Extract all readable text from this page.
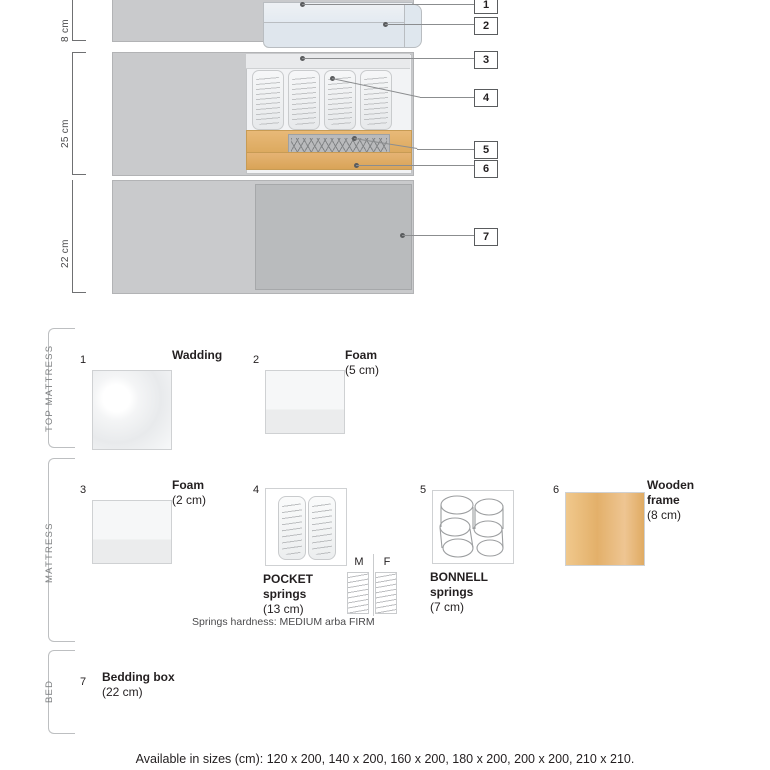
8 cm
25 cm
22 cm
1
2
3
4
5
6
7
TOP MATTRESS 1	Wadding	2	Foam
(5 cm)
MATTRESS
3	Foam
(2 cm)
4
POCKET
springs
(13 cm)
M	F
Springs hardness: MEDIUM arba FIRM
5
BONNELL
springs
(7 cm)
6	Wooden
frame
(8 cm)
BED 7 Bedding box
(22 cm)
Available in sizes (cm): 120 x 200, 140 x 200, 160 x 200, 180 x 200, 200 x 200, 210 x 210.
